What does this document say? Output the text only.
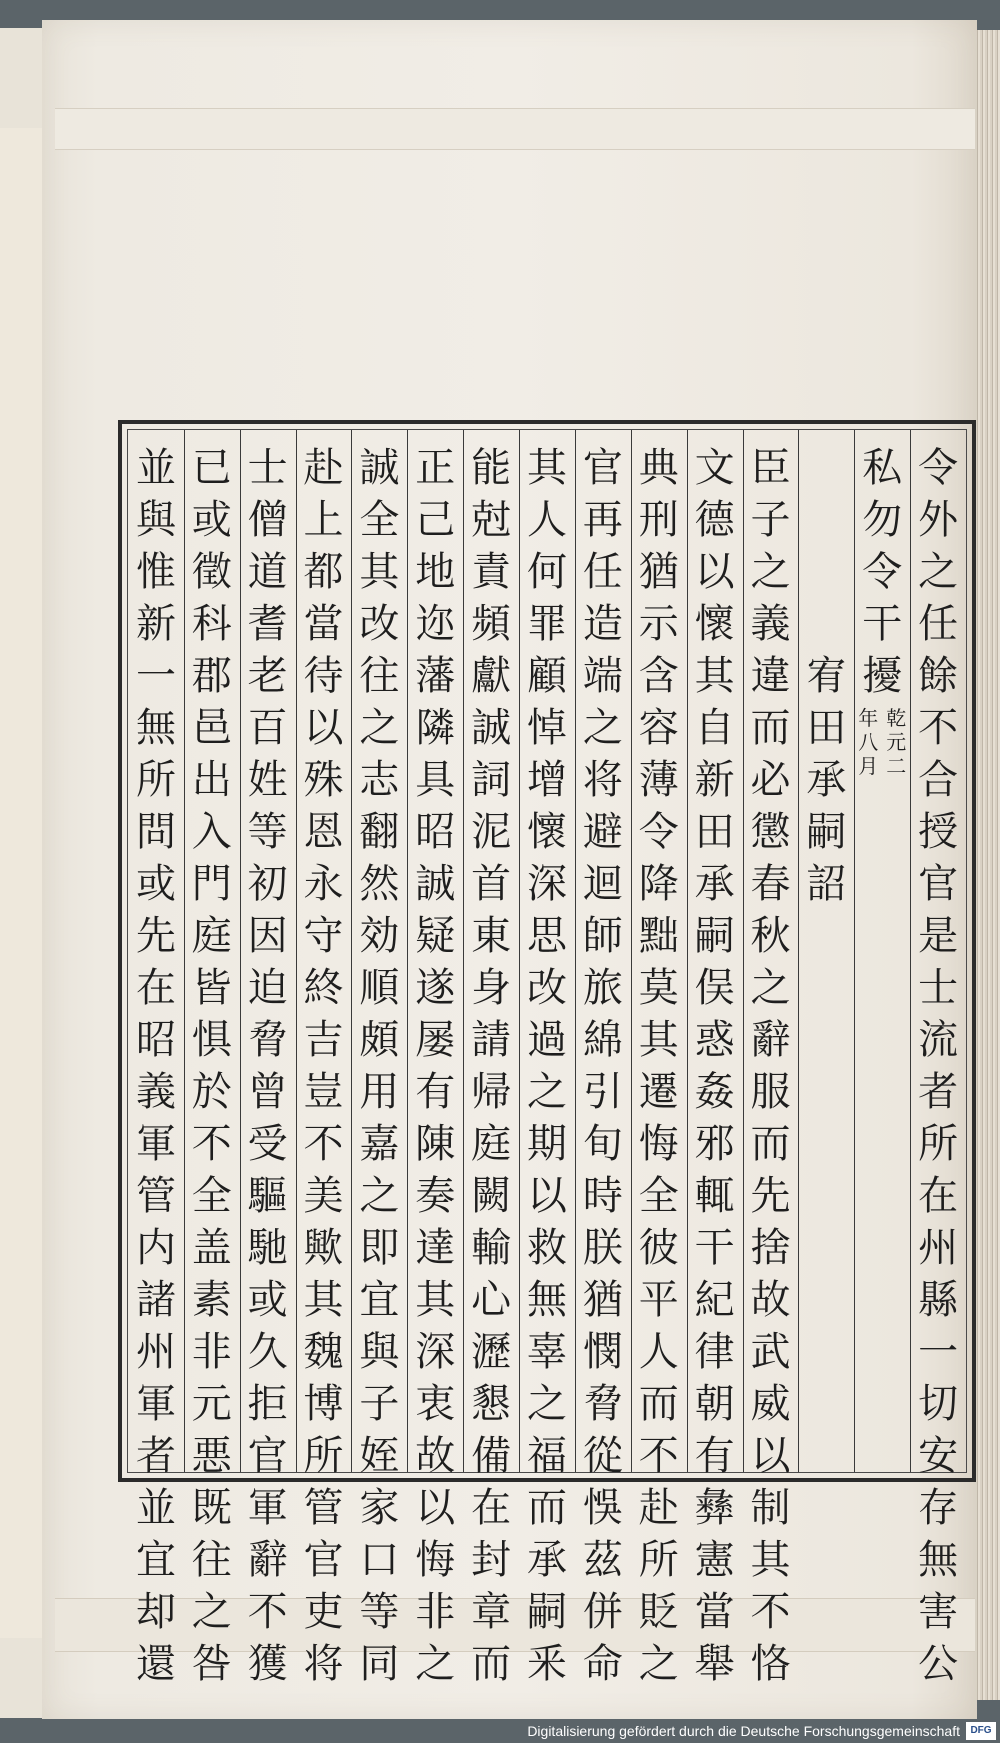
令
外
之
任
餘
不
合
授
官
是
士
流
者
所
在
州
縣
一
切
安
存
無
害
公
私
勿
令
干
擾
乾
元
二
年
八
月
宥
田
承
嗣
詔
臣
子
之
義
違
而
必
懲
春
秋
之
辭
服
而
先
捨
故
武
威
以
制
其
不
恪
文
德
以
懷
其
自
新
田
承
嗣
俣
惑
姦
邪
輒
干
紀
律
朝
有
彝
憲
當
舉
典
刑
猶
示
含
容
薄
令
降
黜
莫
其
遷
悔
全
彼
平
人
而
不
赴
所
貶
之
官
再
任
造
端
之
将
避
迴
師
旅
綿
引
旬
時
朕
猶
憫
脅
從
悞
茲
併
命
其
人
何
罪
顧
悼
增
懷
深
思
改
過
之
期
以
救
無
辜
之
福
而
承
嗣
釆
能
尅
責
頻
獻
誠
詞
泥
首
東
身
請
帰
庭
闕
輸
心
瀝
懇
備
在
封
章
而
正
己
地
迩
藩
隣
具
昭
誠
疑
遂
屡
有
陳
奏
達
其
深
衷
故
以
悔
非
之
誠
全
其
改
往
之
志
翻
然
効
順
頗
用
嘉
之
即
宜
與
子
姪
家
口
等
同
赴
上
都
當
待
以
殊
恩
永
守
終
吉
豈
不
美
歟
其
魏
博
所
管
官
吏
将
士
僧
道
耆
老
百
姓
等
初
因
迫
脅
曾
受
驅
馳
或
久
拒
官
軍
辭
不
獲
已
或
徵
科
郡
邑
出
入
門
庭
皆
惧
於
不
全
盖
素
非
元
悪
既
往
之
咎
並
與
惟
新
一
無
所
問
或
先
在
昭
義
軍
管
内
諸
州
軍
者
並
宜
却
還
Digitalisierung gefördert durch die Deutsche Forschungsgemeinschaft	DFG
